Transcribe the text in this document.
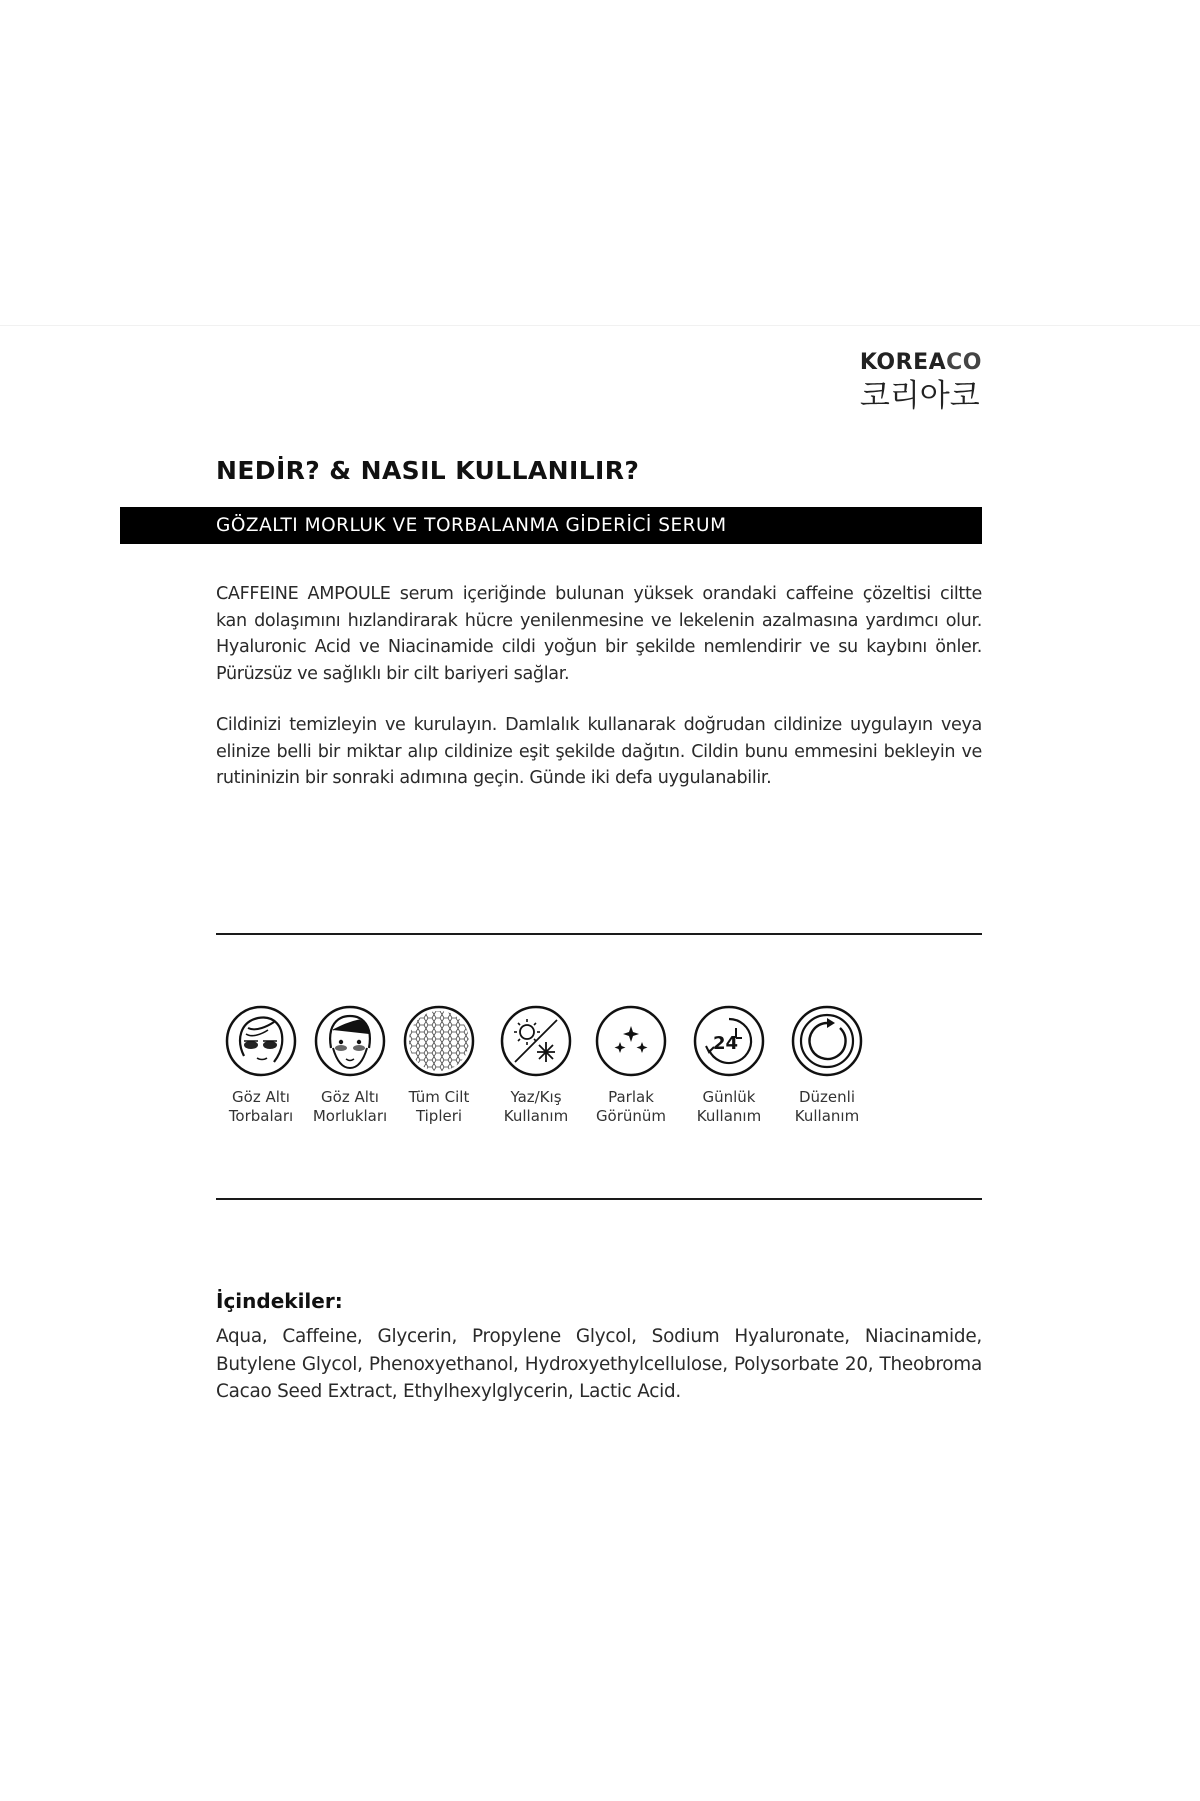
KOREACO
코리아코
NEDİR? & NASIL KULLANILIR?
GÖZALTI MORLUK VE TORBALANMA GİDERİCİ SERUM

CAFFEINE AMPOULE serum içeriğinde bulunan yüksek orandaki caffeine çözeltisi ciltte kan dolaşımını hızlandirarak hücre yenilenmesine ve lekelenin azalmasına yardımcı olur. Hyaluronic Acid ve Niacinamide cildi yoğun bir şekilde nemlendirir ve su kaybını önler. Pürüzsüz ve sağlıklı bir cilt bariyeri sağlar.

Cildinizi temizleyin ve kurulayın. Damlalık kullanarak doğrudan cildinize uygulayın veya elinize belli bir miktar alıp cildinize eşit şekilde dağıtın. Cildin bunu emmesini bekleyin ve rutininizin bir sonraki adımına geçin. Günde iki defa uygulanabilir.

Göz Altı
Torbaları
Göz Altı
Morlukları
Tüm Cilt
Tipleri
Yaz/Kış
Kullanım
Parlak
Görünüm
24
Günlük
Kullanım
Düzenli
Kullanım
İçindekiler:

Aqua, Caffeine, Glycerin, Propylene Glycol, Sodium Hyaluronate, Niacinamide, Butylene Glycol, Phenoxyethanol, Hydroxyethylcellulose, Polysorbate 20, Theobroma Cacao Seed Extract, Ethylhexylglycerin, Lactic Acid.
